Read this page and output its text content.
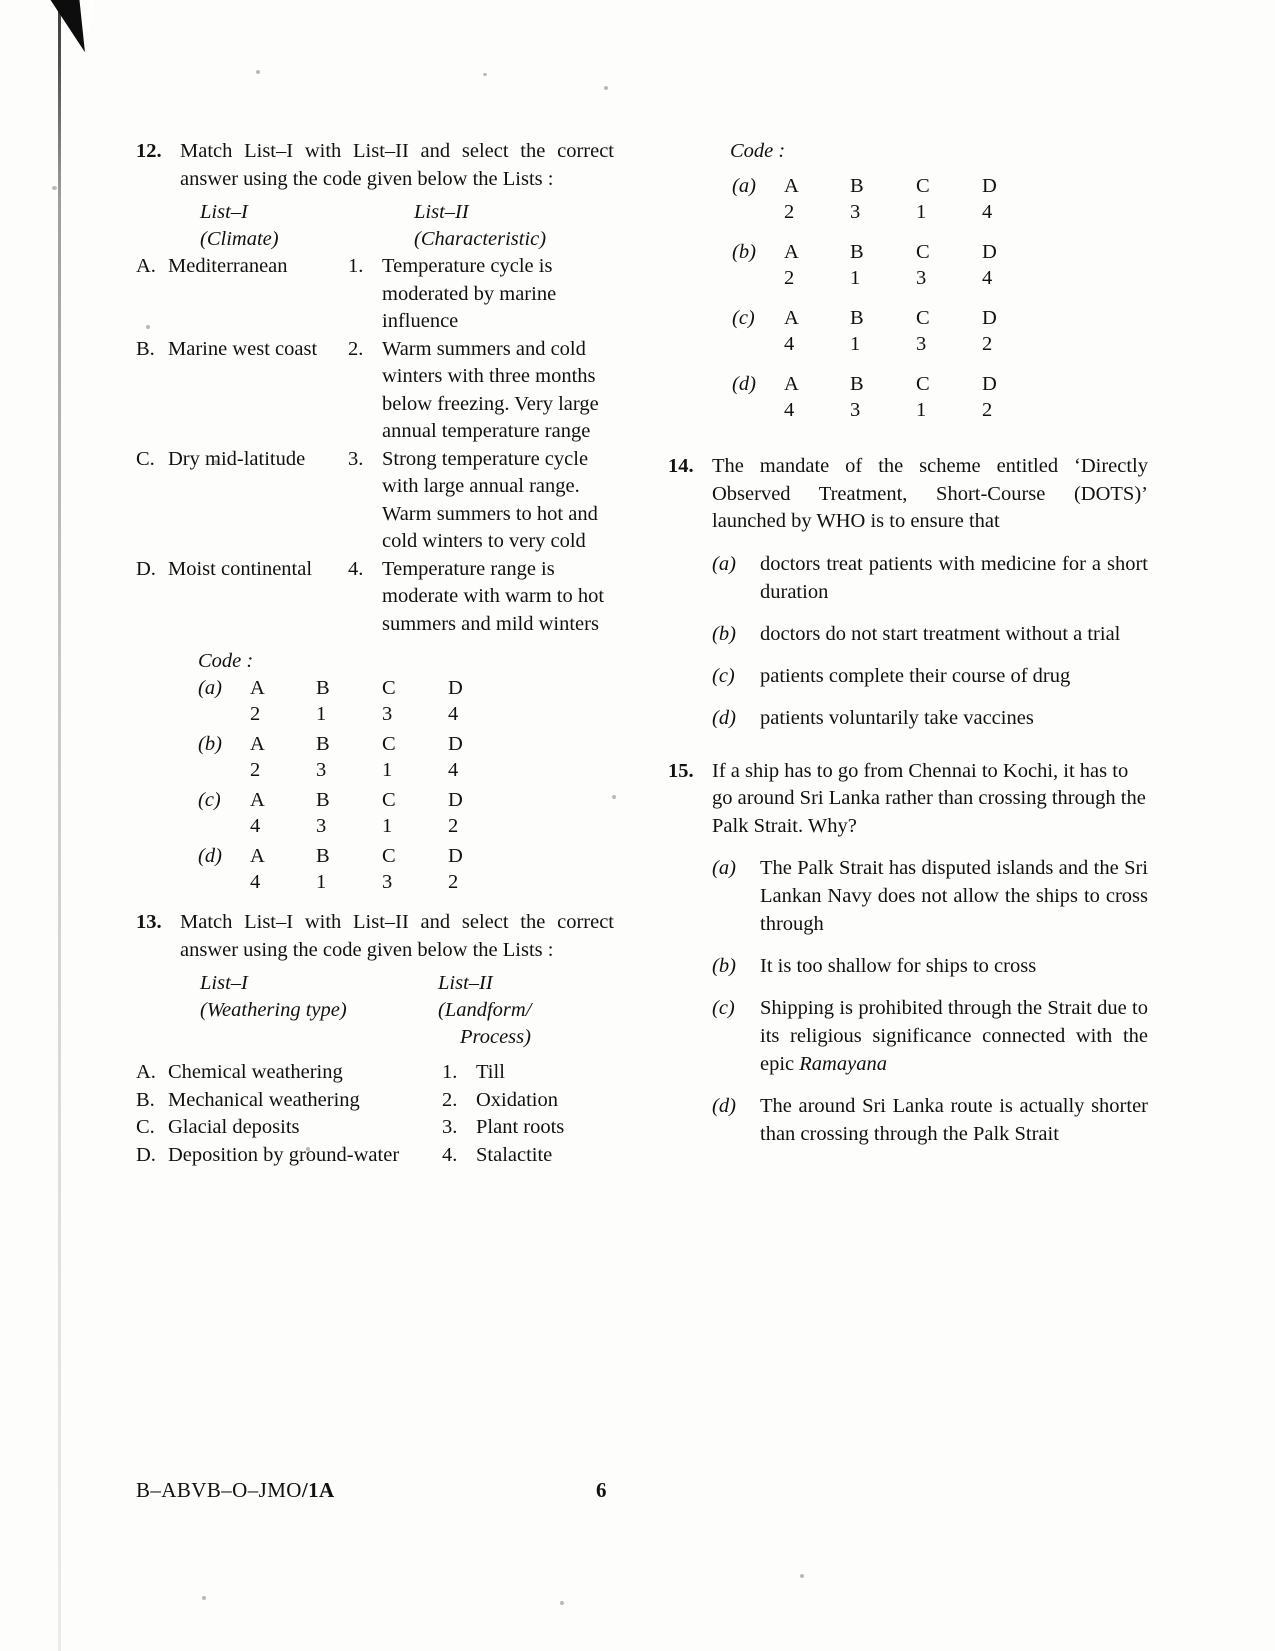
12. Match List–I with List–II and select the correct answer using the code given below the Lists :
List–I
(Climate)
List–II
(Characteristic)
A. Mediterranean	1. Temperature cycle is moderated by marine influence
B. Marine west coast	2. Warm summers and cold winters with three months below freezing. Very large annual temperature range
C. Dry mid-latitude	3. Strong temperature cycle with large annual range. Warm summers to hot and cold winters to very cold
D. Moist continental	4. Temperature range is moderate with warm to hot summers and mild winters
Code :
(a)	A	B	C	D

2	1	3	4
(b)	A	B	C	D

2	3	1	4
(c)	A	B	C	D

4	3	1	2
(d)	A	B	C	D

4	1	3	2
13. Match List–I with List–II and select the correct answer using the code given below the Lists :
List–I
(Weathering type)
List–II
(Landform/
Process)
A. Chemical weathering	1. Till
B. Mechanical weathering	2. Oxidation
C. Glacial deposits	3. Plant roots
D. Deposition by ground-water	4. Stalactite
Code :
(a)	A	B	C	D

2	3	1	4
(b)	A	B	C	D

2	1	3	4
(c)	A	B	C	D

4	1	3	2
(d)	A	B	C	D

4	3	1	2
14. The mandate of the scheme entitled ‘Directly Observed Treatment, Short-Course (DOTS)’ launched by WHO is to ensure that
(a)	doctors treat patients with medicine for a short duration
(b)	doctors do not start treatment without a trial
(c)	patients complete their course of drug
(d)	patients voluntarily take vaccines
15. If a ship has to go from Chennai to Kochi, it has to go around Sri Lanka rather than crossing through the Palk Strait. Why?
(a)	The Palk Strait has disputed islands and the Sri Lankan Navy does not allow the ships to cross through
(b)	It is too shallow for ships to cross
(c)	Shipping is prohibited through the Strait due to its religious significance connected with the epic Ramayana
(d)	The around Sri Lanka route is actually shorter than crossing through the Palk Strait
B–ABVB–O–JMO/1A	6
